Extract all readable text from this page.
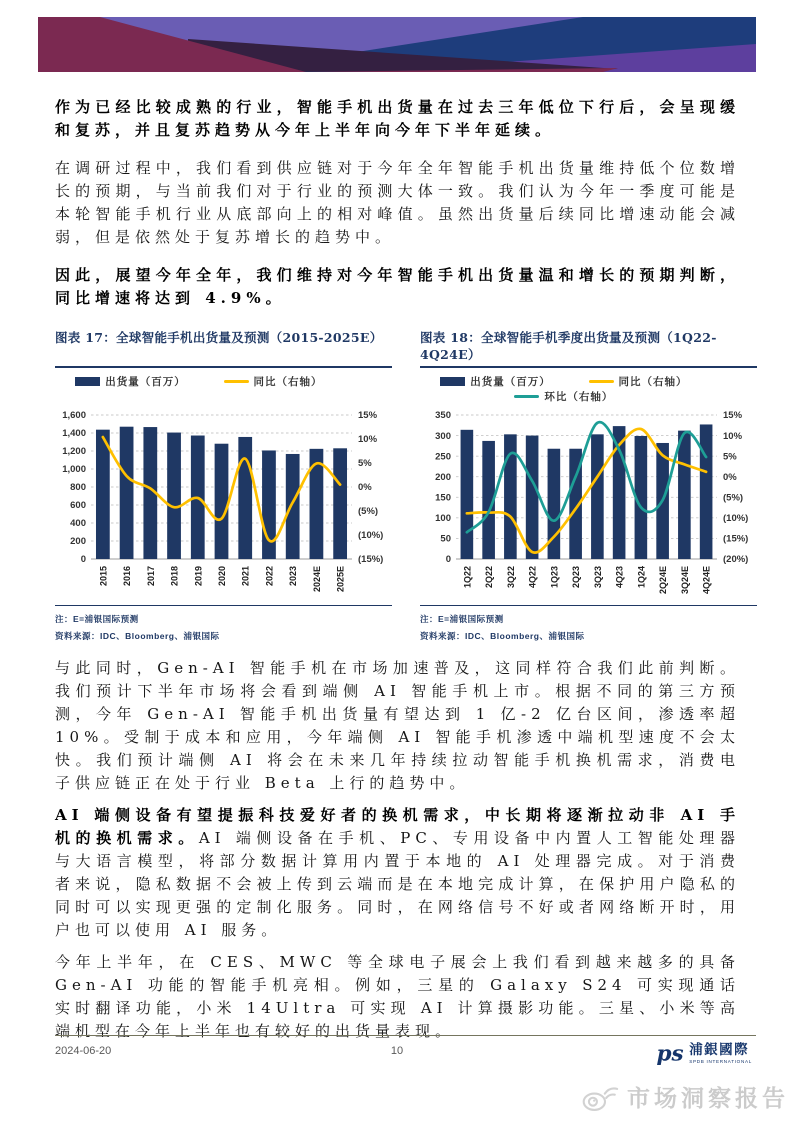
作为已经比较成熟的行业，智能手机出货量在过去三年低位下行后，会呈现缓和复苏，并且复苏趋势从今年上半年向今年下半年延续。

在调研过程中，我们看到供应链对于今年全年智能手机出货量维持低个位数增长的预期，与当前我们对于行业的预测大体一致。我们认为今年一季度可能是本轮智能手机行业从底部向上的相对峰值。虽然出货量后续同比增速动能会减弱，但是依然处于复苏增长的趋势中。

因此，展望今年全年，我们维持对今年智能手机出货量温和增长的预期判断，同比增速将达到 4.9%。

图表 17：全球智能手机出货量及预测（2015-2025E）
出货量（百万）	同比（右轴）
0
200
400
600
800
1,000
1,200
1,400
1,600	15%
10%
5%
0%
(5%)
(10%)
(15%)
2015 2016 2017 2018 2019 2020 2021 2022 2023 2024E 2025E
注：E=浦银国际预测
资料来源：IDC、Bloomberg、浦银国际
图表 18：全球智能手机季度出货量及预测（1Q22-4Q24E）
出货量（百万）	同比（右轴）
环比（右轴）
0
50
100
150
200
250
300
350	15%
10%
5%
0%
(5%)
(10%)
(15%)
(20%)
1Q22 2Q22 3Q22 4Q22 1Q23 2Q23 3Q23 4Q23 1Q24 2Q24E 3Q24E 4Q24E
注：E=浦银国际预测
资料来源：IDC、Bloomberg、浦银国际

与此同时，Gen-AI 智能手机在市场加速普及，这同样符合我们此前判断。我们预计下半年市场将会看到端侧 AI 智能手机上市。根据不同的第三方预测，今年 Gen-AI 智能手机出货量有望达到 1 亿-2 亿台区间，渗透率超 10%。受制于成本和应用，今年端侧 AI 智能手机渗透中端机型速度不会太快。我们预计端侧 AI 将会在未来几年持续拉动智能手机换机需求，消费电子供应链正在处于行业 Beta 上行的趋势中。

AI 端侧设备有望提振科技爱好者的换机需求，中长期将逐渐拉动非 AI 手机的换机需求。AI 端侧设备在手机、PC、专用设备中内置人工智能处理器与大语言模型，将部分数据计算用内置于本地的 AI 处理器完成。对于消费者来说，隐私数据不会被上传到云端而是在本地完成计算，在保护用户隐私的同时可以实现更强的定制化服务。同时，在网络信号不好或者网络断开时，用户也可以使用 AI 服务。

今年上半年，在 CES、MWC 等全球电子展会上我们看到越来越多的具备 Gen-AI 功能的智能手机亮相。例如，三星的 Galaxy S24 可实现通话实时翻译功能，小米 14Ultra 可实现 AI 计算摄影功能。三星、小米等高端机型在今年上半年也有较好的出货量表现。

2024-06-20	10	ps 浦銀國際
SPDB INTERNATIONAL
市场洞察报告
